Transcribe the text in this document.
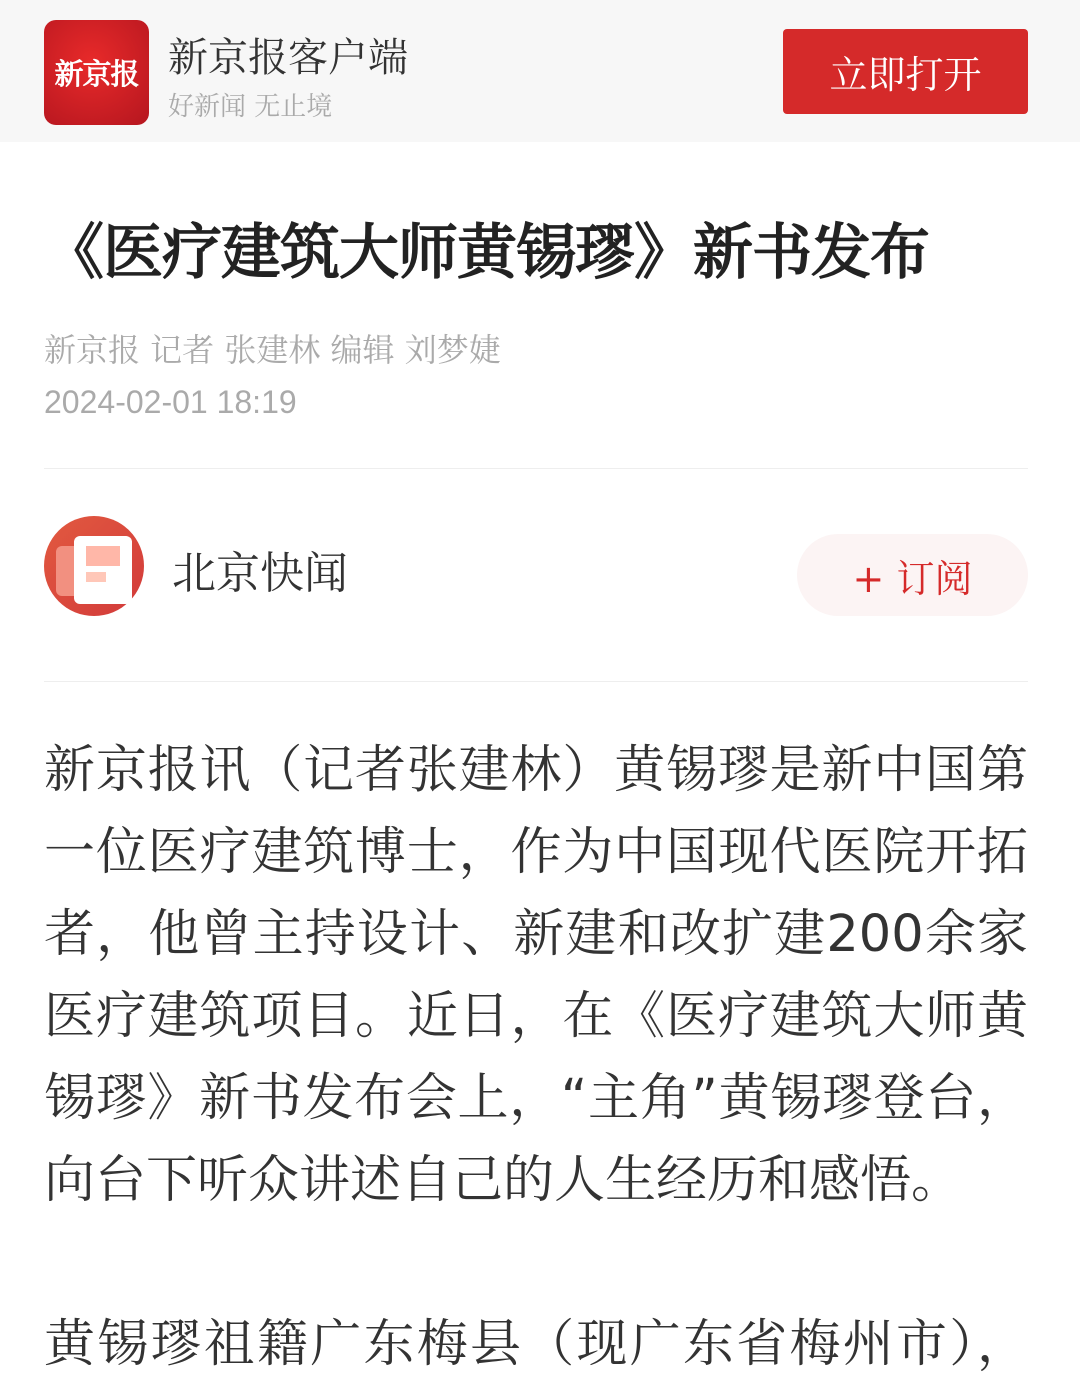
新京报 新京报客户端
好新闻 无止境
立即打开
《医疗建筑大师黄锡璆》新书发布
新京报 记者 张建林 编辑 刘梦婕
2024-02-01 18:19
北京快闻	+ 订阅
新京报讯（记者张建林）黄锡璆是新中国第
一位医疗建筑博士，作为中国现代医院开拓
者，他曾主持设计、新建和改扩建200余家
医疗建筑项目。近日，在《医疗建筑大师黄
锡璆》新书发布会上，“主角”黄锡璆登台，
向台下听众讲述自己的人生经历和感悟。
黄锡璆祖籍广东梅县（现广东省梅州市），
